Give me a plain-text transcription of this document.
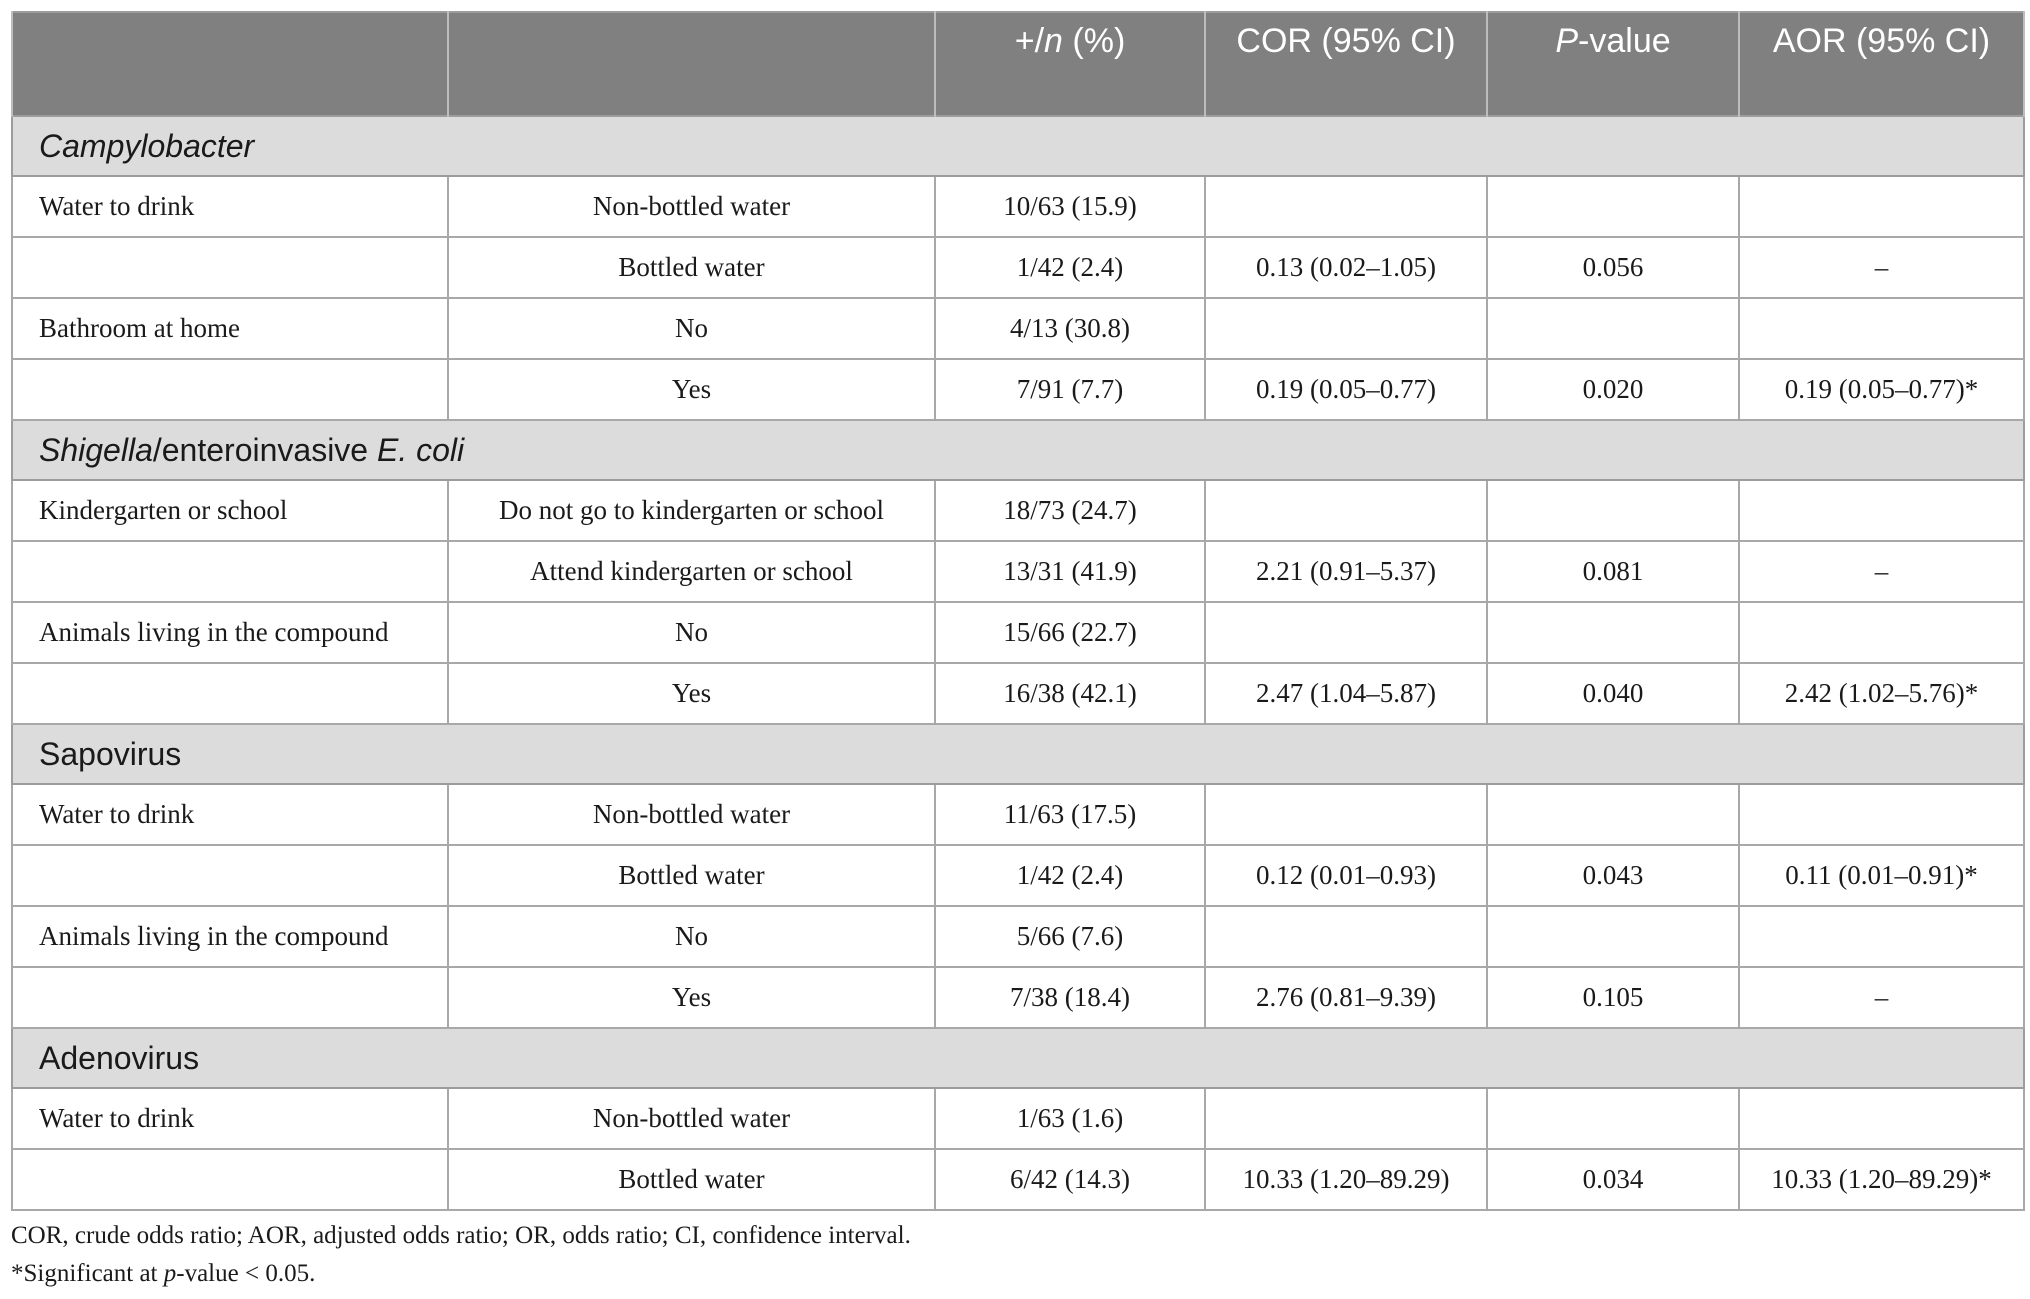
		+/n (%)	COR (95% CI)	P-value	AOR (95% CI)
Campylobacter					
Water to drink	Non-bottled water	10/63 (15.9)			
	Bottled water	1/42 (2.4)	0.13 (0.02–1.05)	0.056	–
Bathroom at home	No	4/13 (30.8)			
	Yes	7/91 (7.7)	0.19 (0.05–0.77)	0.020	0.19 (0.05–0.77)*
Shigella/enteroinvasive E. coli					
Kindergarten or school	Do not go to kindergarten or school	18/73 (24.7)			
	Attend kindergarten or school	13/31 (41.9)	2.21 (0.91–5.37)	0.081	–
Animals living in the compound	No	15/66 (22.7)			
	Yes	16/38 (42.1)	2.47 (1.04–5.87)	0.040	2.42 (1.02–5.76)*
Sapovirus					
Water to drink	Non-bottled water	11/63 (17.5)			
	Bottled water	1/42 (2.4)	0.12 (0.01–0.93)	0.043	0.11 (0.01–0.91)*
Animals living in the compound	No	5/66 (7.6)			
	Yes	7/38 (18.4)	2.76 (0.81–9.39)	0.105	–
Adenovirus					
Water to drink	Non-bottled water	1/63 (1.6)			
	Bottled water	6/42 (14.3)	10.33 (1.20–89.29)	0.034	10.33 (1.20–89.29)*
COR, crude odds ratio; AOR, adjusted odds ratio; OR, odds ratio; CI, confidence interval.
*Significant at p-value < 0.05.
